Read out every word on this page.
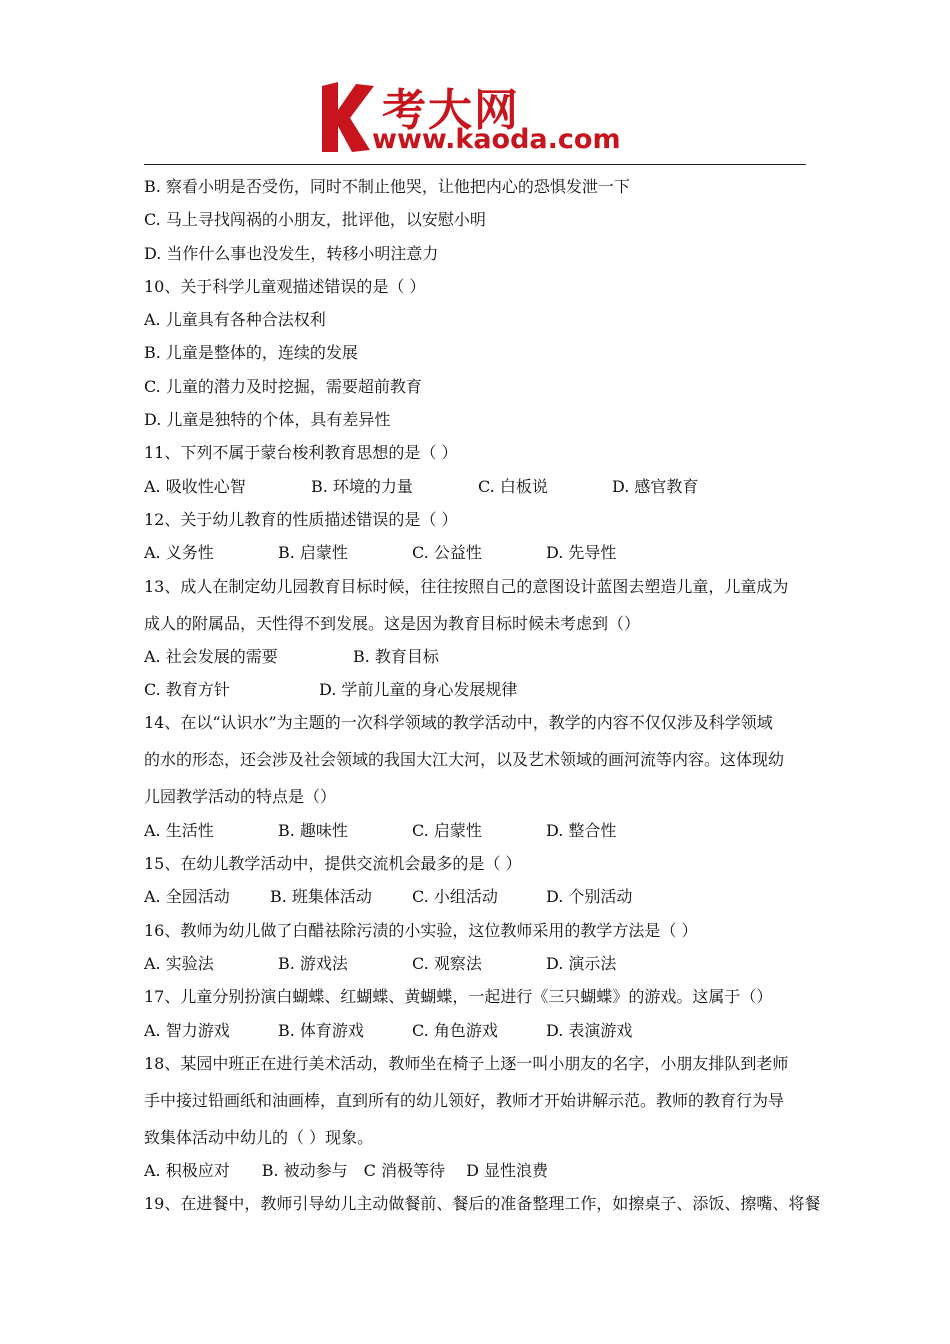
考大网
www.kaoda.com
B. 察看小明是否受伤，同时不制止他哭，让他把内心的恐惧发泄一下
C. 马上寻找闯祸的小朋友，批评他，以安慰小明
D. 当作什么事也没发生，转移小明注意力
10、关于科学儿童观描述错误的是（ ）
A. 儿童具有各种合法权利
B. 儿童是整体的，连续的发展
C. 儿童的潜力及时挖掘，需要超前教育
D. 儿童是独特的个体，具有差异性
11、下列不属于蒙台梭利教育思想的是（ ）
A. 吸收性心智	B. 环境的力量	C. 白板说	D. 感官教育
12、关于幼儿教育的性质描述错误的是（ ）
A. 义务性	B. 启蒙性	C. 公益性	D. 先导性
13、成人在制定幼儿园教育目标时候，往往按照自己的意图设计蓝图去塑造儿童，儿童成为
成人的附属品，天性得不到发展。这是因为教育目标时候未考虑到（）
A. 社会发展的需要	B. 教育目标
C. 教育方针	D. 学前儿童的身心发展规律
14、在以“认识水”为主题的一次科学领域的教学活动中，教学的内容不仅仅涉及科学领域
的水的形态，还会涉及社会领域的我国大江大河，以及艺术领域的画河流等内容。这体现幼
儿园教学活动的特点是（）
A. 生活性	B. 趣味性	C. 启蒙性	D. 整合性
15、在幼儿教学活动中，提供交流机会最多的是（ ）
A. 全园活动	B. 班集体活动	C. 小组活动	D. 个别活动
16、教师为幼儿做了白醋祛除污渍的小实验，这位教师采用的教学方法是（ ）
A. 实验法	B. 游戏法	C. 观察法	D. 演示法
17、儿童分别扮演白蝴蝶、红蝴蝶、黄蝴蝶，一起进行《三只蝴蝶》的游戏。这属于（）
A. 智力游戏	B. 体育游戏	C. 角色游戏	D. 表演游戏
18、某园中班正在进行美术活动，教师坐在椅子上逐一叫小朋友的名字，小朋友排队到老师
手中接过铅画纸和油画棒，直到所有的幼儿领好，教师才开始讲解示范。教师的教育行为导
致集体活动中幼儿的（ ）现象。
A. 积极应对　　B. 被动参与　C 消极等待　 D 显性浪费
19、在进餐中，教师引导幼儿主动做餐前、餐后的准备整理工作，如擦桌子、添饭、擦嘴、将餐
